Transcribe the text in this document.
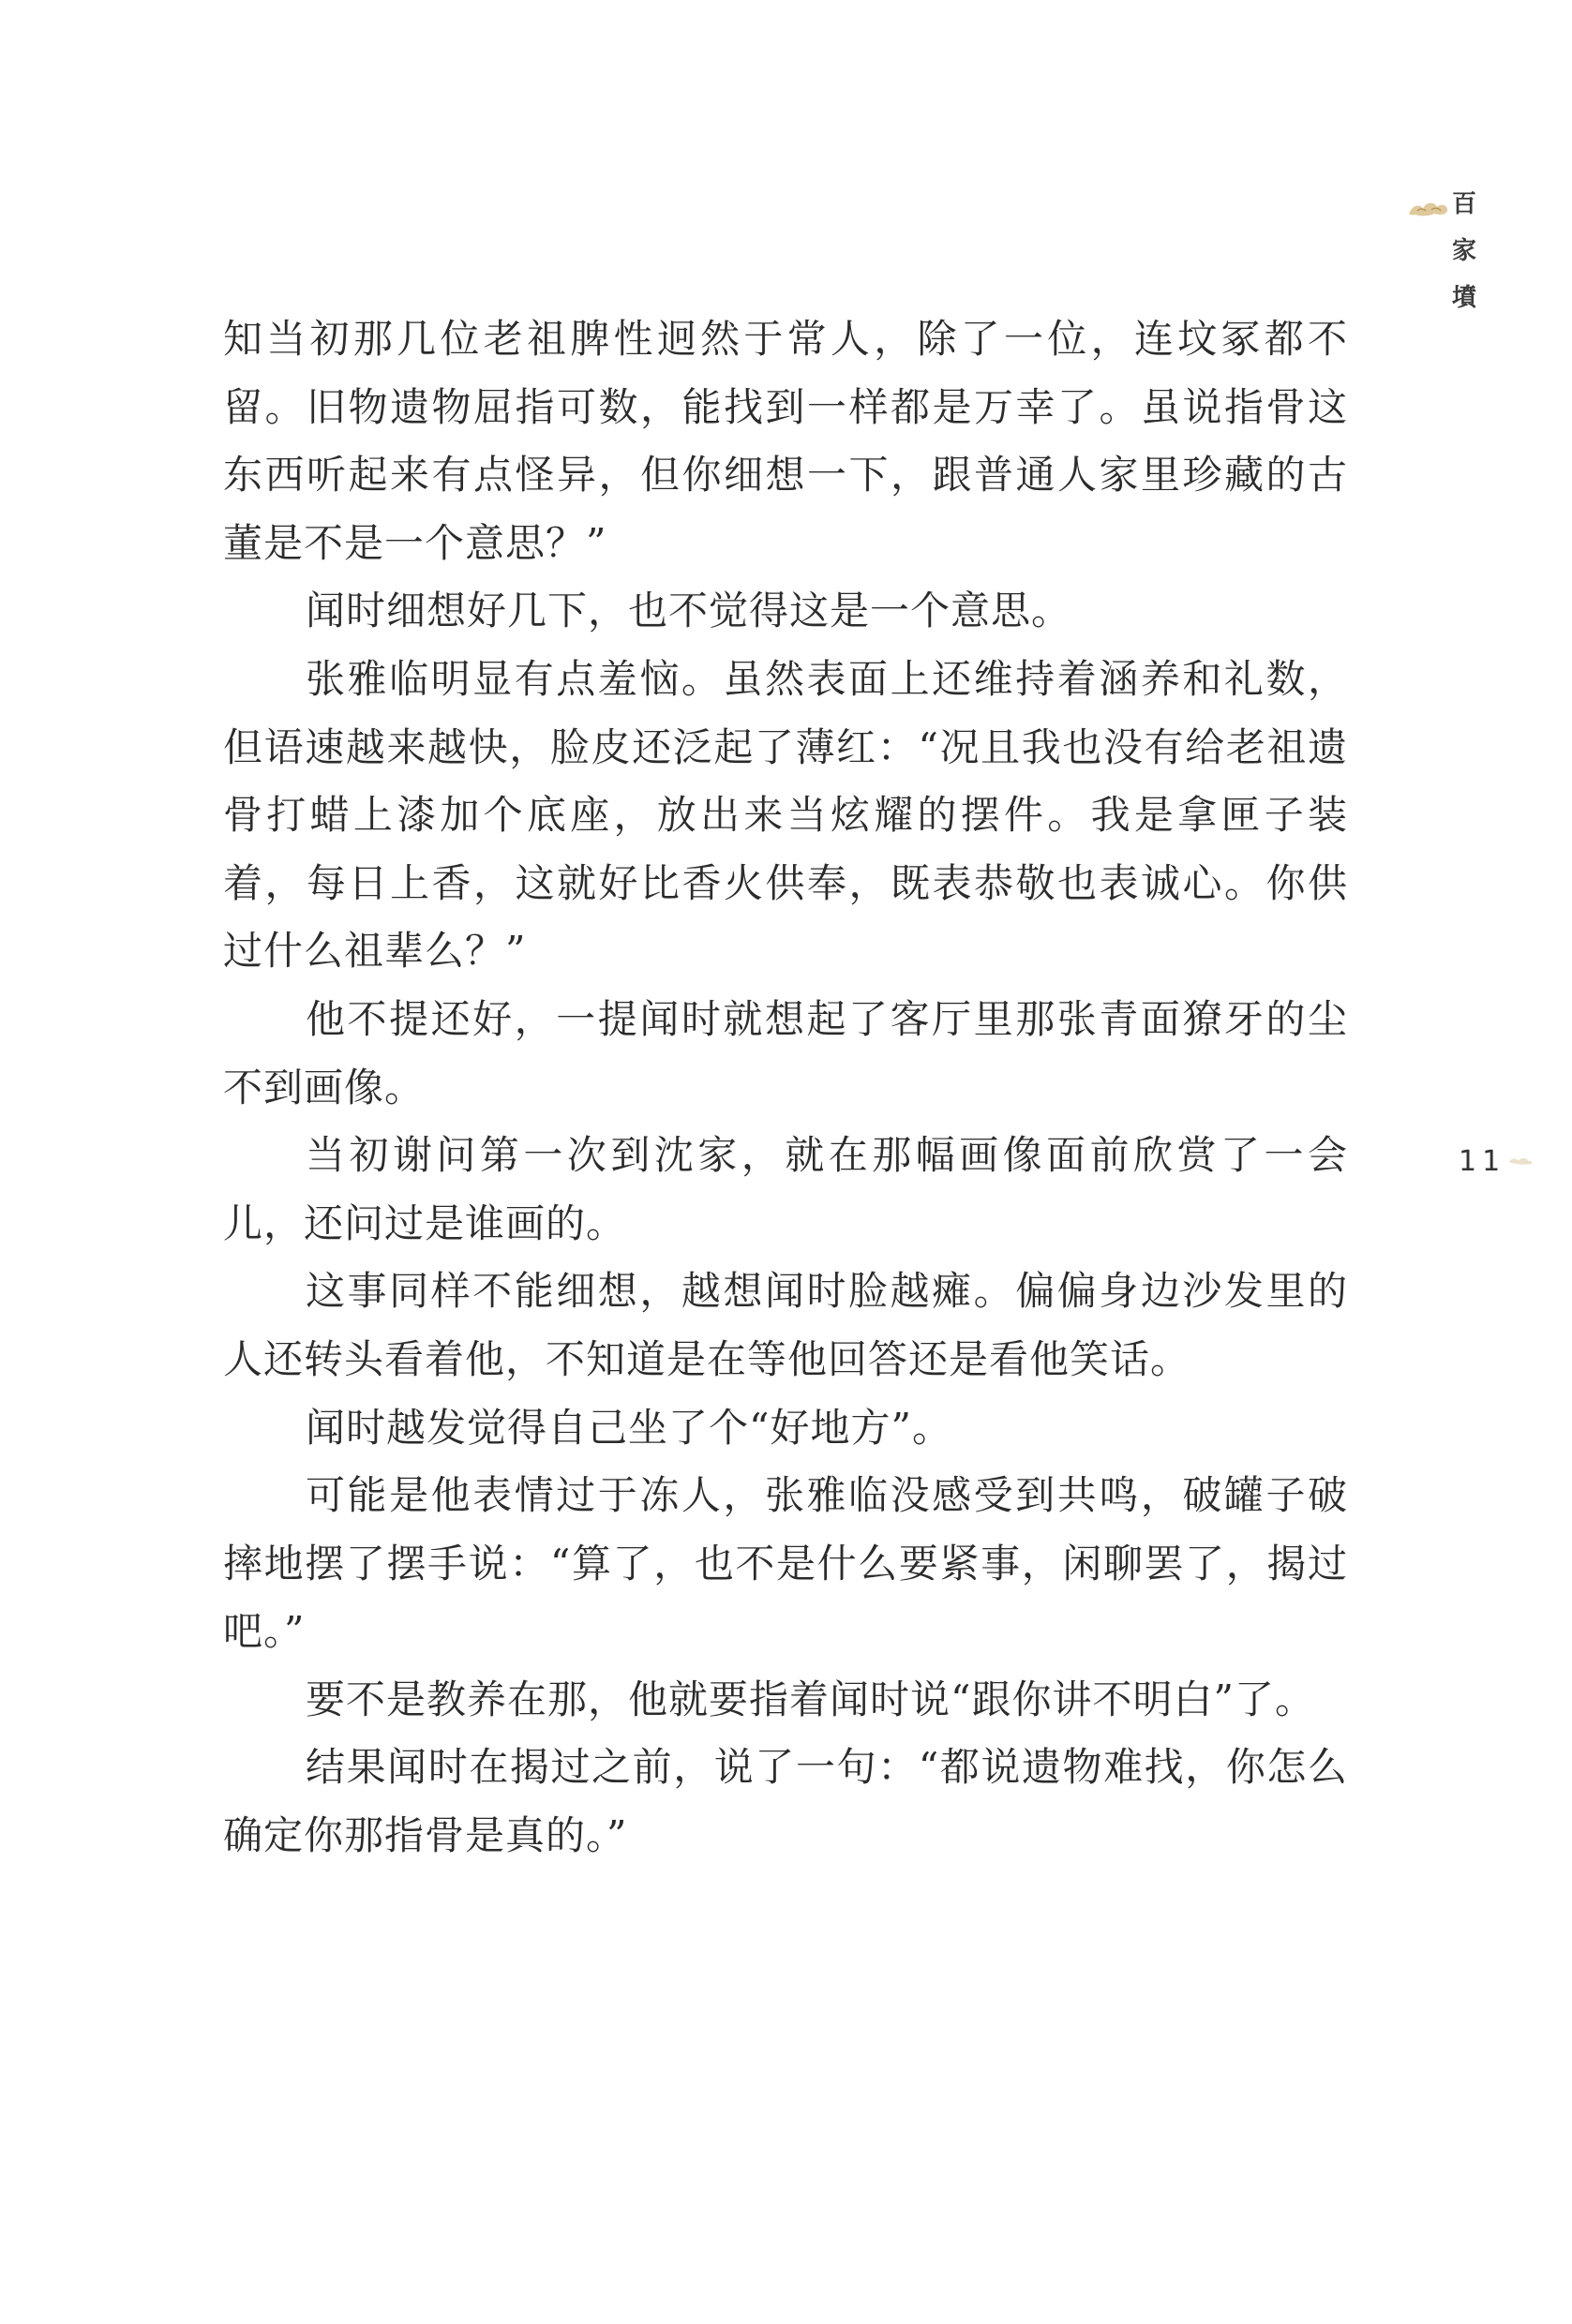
百
家
墳
11

知当初那几位老祖脾性迥然于常人，除了一位，连坟冢都不留。旧物遗物屈指可数，能找到一样都是万幸了。虽说指骨这东西听起来有点怪异，但你细想一下，跟普通人家里珍藏的古董是不是一个意思？”

闻时细想好几下，也不觉得这是一个意思。

张雅临明显有点羞恼。虽然表面上还维持着涵养和礼数，但语速越来越快，脸皮还泛起了薄红：“况且我也没有给老祖遗骨打蜡上漆加个底座，放出来当炫耀的摆件。我是拿匣子装着，每日上香，这就好比香火供奉，既表恭敬也表诚心。你供过什么祖辈么？”

他不提还好，一提闻时就想起了客厅里那张青面獠牙的尘不到画像。

当初谢问第一次到沈家，就在那幅画像面前欣赏了一会儿，还问过是谁画的。

这事同样不能细想，越想闻时脸越瘫。偏偏身边沙发里的人还转头看着他，不知道是在等他回答还是看他笑话。

闻时越发觉得自己坐了个“好地方”。

可能是他表情过于冻人，张雅临没感受到共鸣，破罐子破摔地摆了摆手说：“算了，也不是什么要紧事，闲聊罢了，揭过吧。”

要不是教养在那，他就要指着闻时说“跟你讲不明白”了。

结果闻时在揭过之前，说了一句：“都说遗物难找，你怎么确定你那指骨是真的。”
